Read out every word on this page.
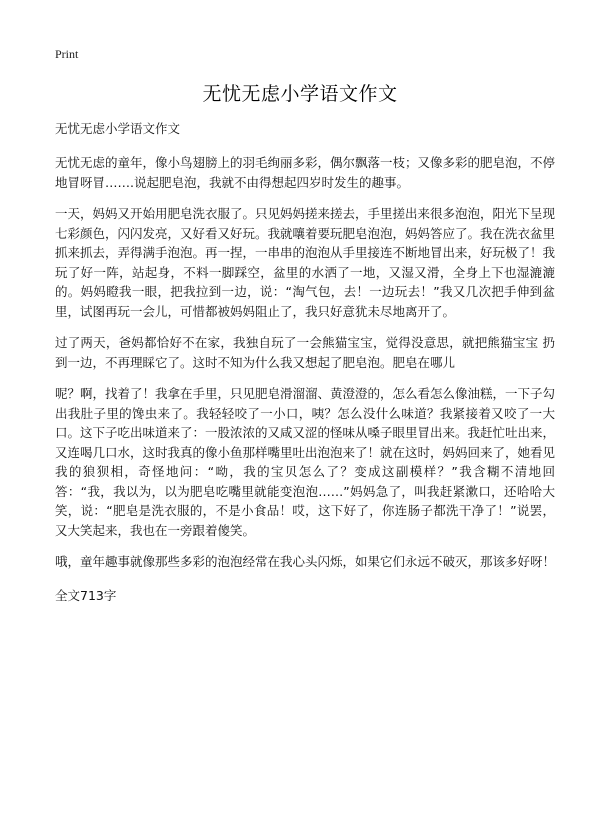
Print
无忧无虑小学语文作文
无忧无虑小学语文作文

无忧无虑的童年，像小鸟翅膀上的羽毛绚丽多彩，偶尔飘落一枝；又像多彩的肥皂泡，不停地冒呀冒…….说起肥皂泡，我就不由得想起四岁时发生的趣事。

一天，妈妈又开始用肥皂洗衣服了。只见妈妈搓来搓去，手里搓出来很多泡泡，阳光下呈现七彩颜色，闪闪发亮，又好看又好玩。我就嚷着要玩肥皂泡泡，妈妈答应了。我在洗衣盆里抓来抓去，弄得满手泡泡。再一捏，一串串的泡泡从手里接连不断地冒出来，好玩极了！我玩了好一阵，站起身，不料一脚踩空，盆里的水洒了一地，又湿又滑，全身上下也湿漉漉的。妈妈瞪我一眼，把我拉到一边，说：“淘气包，去！一边玩去！”我又几次把手伸到盆里，试图再玩一会儿，可惜都被妈妈阻止了，我只好意犹未尽地离开了。

过了两天，爸妈都恰好不在家，我独自玩了一会熊猫宝宝，觉得没意思，就把熊猫宝宝 扔到一边，不再理睬它了。这时不知为什么我又想起了肥皂泡。肥皂在哪儿

呢？啊，找着了！我拿在手里，只见肥皂滑溜溜、黄澄澄的，怎么看怎么像油糕，一下子勾出我肚子里的馋虫来了。我轻轻咬了一小口，咦？怎么没什么味道？我紧接着又咬了一大口。这下子吃出味道来了：一股浓浓的又咸又涩的怪味从嗓子眼里冒出来。我赶忙吐出来，又连喝几口水，这时我真的像小鱼那样嘴里吐出泡泡来了！就在这时，妈妈回来了，她看见我的狼狈相，奇怪地问：“呦，我的宝贝怎么了？变成这副模样？”我含糊不清地回答：“我，我以为，以为肥皂吃嘴里就能变泡泡……”妈妈急了，叫我赶紧漱口，还哈哈大笑，说：“肥皂是洗衣服的，不是小食品！哎，这下好了，你连肠子都洗干净了！”说罢，又大笑起来，我也在一旁跟着傻笑。

哦，童年趣事就像那些多彩的泡泡经常在我心头闪烁，如果它们永远不破灭，那该多好呀！

全文713字
